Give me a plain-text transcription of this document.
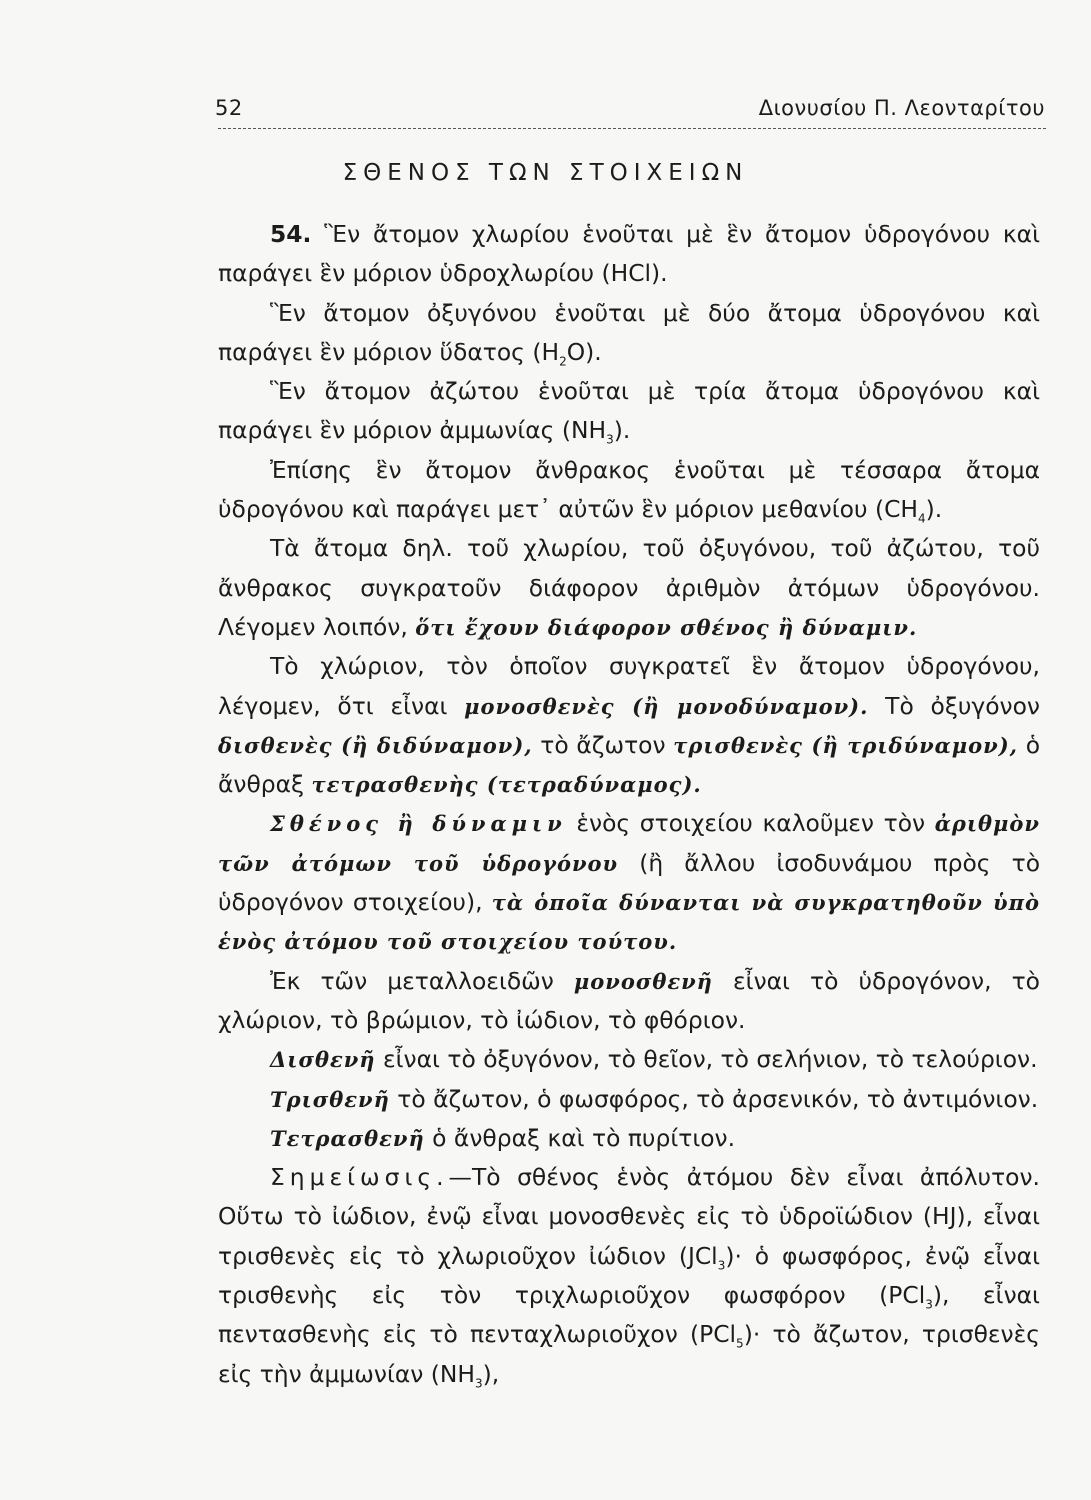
52	Διονυσίου Π. Λεονταρίτου
ΣΘΕΝΟΣ ΤΩΝ ΣΤΟΙΧΕΙΩΝ

54. Ἓν ἄτομον χλωρίου ἑνοῦται μὲ ἓν ἄτομον ὑδρογόνου καὶ παράγει ἓν μόριον ὑδροχλωρίου (HCl).

Ἓν ἄτομον ὀξυγόνου ἑνοῦται μὲ δύο ἄτομα ὑδρογόνου καὶ παράγει ἓν μόριον ὕδατος $(H_2O)$.

Ἓν ἄτομον ἀζώτου ἑνοῦται μὲ τρία ἄτομα ὑδρογόνου καὶ παράγει ἓν μόριον ἀμμωνίας $(NH_3)$.

Ἐπίσης ἓν ἄτομον ἄνθρακος ἑνοῦται μὲ τέσσαρα ἄτομα ὑδρογόνου καὶ παράγει μετ᾽ αὐτῶν ἓν μόριον μεθανίου $(CH_4)$.

Τὰ ἄτομα δηλ. τοῦ χλωρίου, τοῦ ὀξυγόνου, τοῦ ἀζώτου, τοῦ ἄνθρακος συγκρατοῦν διάφορον ἀριθμὸν ἀτόμων ὑδρογόνου. Λέγομεν λοιπόν, ὅτι ἔχουν διάφορον σθένος ἢ δύναμιν.

Τὸ χλώριον, τὸν ὁποῖον συγκρατεῖ ἓν ἄτομον ὑδρογόνου, λέγομεν, ὅτι εἶναι μονοσθενὲς (ἢ μονοδύναμον). Τὸ ὀξυγόνον δισθενὲς (ἢ διδύναμον), τὸ ἄζωτον τρισθενὲς (ἢ τριδύναμον), ὁ ἄνθραξ τετρασθενὴς (τετραδύναμος).

Σθένος ἢ δύναμιν ἑνὸς στοιχείου καλοῦμεν τὸν ἀριθμὸν τῶν ἀτόμων τοῦ ὑδρογόνου (ἢ ἄλλου ἰσοδυνάμου πρὸς τὸ ὑδρογόνον στοιχείου), τὰ ὁποῖα δύνανται νὰ συγκρατηθοῦν ὑπὸ ἑνὸς ἀτόμου τοῦ στοιχείου τούτου.

Ἐκ τῶν μεταλλοειδῶν μονοσθενῆ εἶναι τὸ ὑδρογόνον, τὸ χλώριον, τὸ βρώμιον, τὸ ἰώδιον, τὸ φθόριον.

Δισθενῆ εἶναι τὸ ὀξυγόνον, τὸ θεῖον, τὸ σελήνιον, τὸ τελούριον.

Τρισθενῆ τὸ ἄζωτον, ὁ φωσφόρος, τὸ ἀρσενικόν, τὸ ἀντιμόνιον.

Τετρασθενῆ ὁ ἄνθραξ καὶ τὸ πυρίτιον.

Σημείωσις.—Τὸ σθένος ἑνὸς ἀτόμου δὲν εἶναι ἀπόλυτον. Οὕτω τὸ ἰώδιον, ἐνῷ εἶναι μονοσθενὲς εἰς τὸ ὑδροϊώδιον (HJ), εἶναι τρισθενὲς εἰς τὸ χλωριοῦχον ἰώδιον (JCl$_3$)· ὁ φωσφόρος, ἐνῷ εἶναι τρισθενὴς εἰς τὸν τριχλωριοῦχον φωσφόρον (PCl$_3$), εἶναι πεντασθενὴς εἰς τὸ πενταχλωριοῦχον (PCl$_5$)· τὸ ἄζωτον, τρισθενὲς εἰς τὴν ἀμμωνίαν $(NH_3)$,
